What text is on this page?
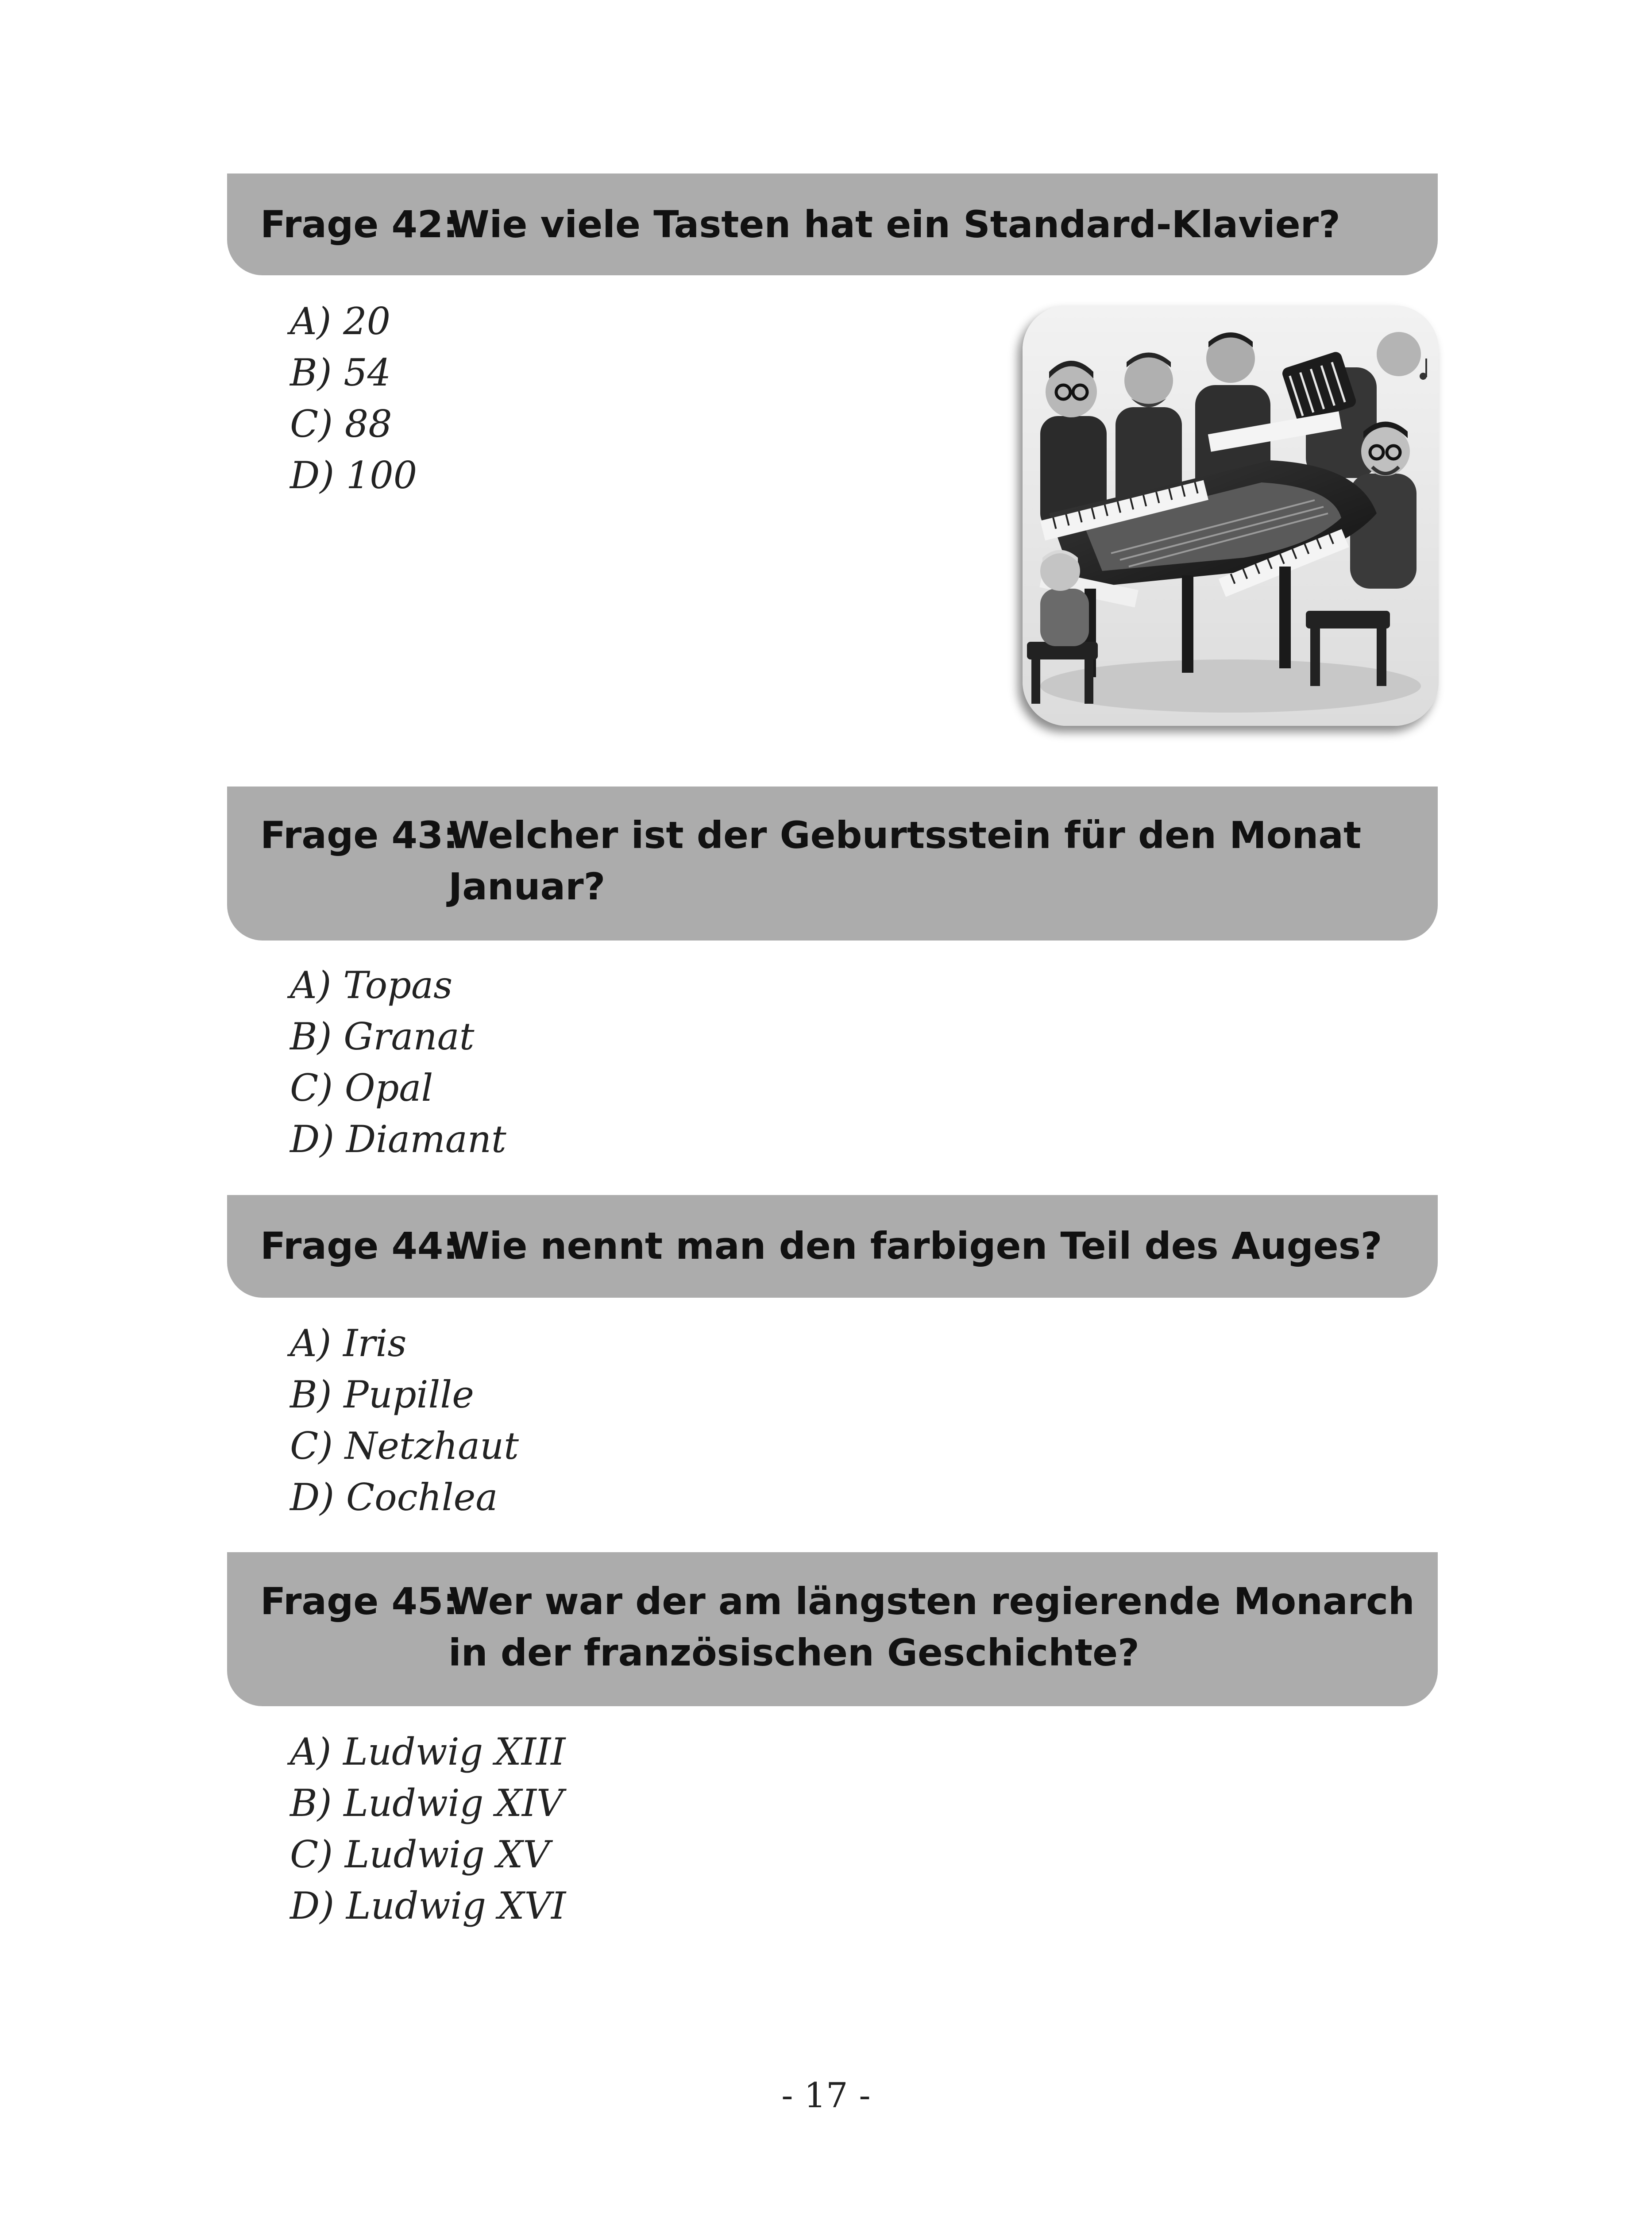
Frage 42:Wie viele Tasten hat ein Standard-Klavier?
A) 20
B) 54
C) 88
D) 100
Frage 43:Welcher ist der Geburtsstein für den Monat
Januar?
A) Topas
B) Granat
C) Opal
D) Diamant
Frage 44:Wie nennt man den farbigen Teil des Auges?
A) Iris
B) Pupille
C) Netzhaut
D) Cochlea
Frage 45:Wer war der am längsten regierende Monarch
in der französischen Geschichte?
A) Ludwig XIII
B) Ludwig XIV
C) Ludwig XV
D) Ludwig XVI
- 17 -
